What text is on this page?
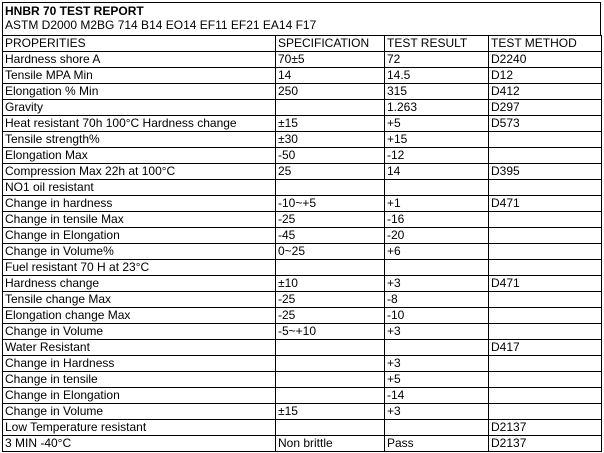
HNBR 70 TEST REPORT
ASTM D2000 M2BG 714 B14 EO14 EF11 EF21 EA14 F17
PROPERITIES	SPECIFICATION	TEST RESULT	TEST METHOD
Hardness shore A	70±5	72	D2240
Tensile MPA Min	14	14.5	D12
Elongation % Min	250	315	D412
Gravity		1.263	D297
Heat resistant 70h 100°C Hardness change	±15	+5	D573
Tensile strength%	±30	+15	
Elongation Max	-50	-12	
Compression Max 22h at 100°C	25	14	D395
NO1 oil resistant			
Change in hardness	-10~+5	+1	D471
Change in tensile Max	-25	-16	
Change in Elongation	-45	-20	
Change in Volume%	0~25	+6	
Fuel resistant 70 H at 23°C			
Hardness change	±10	+3	D471
Tensile change Max	-25	-8	
Elongation change Max	-25	-10	
Change in Volume	-5~+10	+3	
Water Resistant			D417
Change in Hardness		+3	
Change in tensile		+5	
Change in Elongation		-14	
Change in Volume	±15	+3	
Low Temperature resistant			D2137
3 MIN -40°C	Non brittle	Pass	D2137
